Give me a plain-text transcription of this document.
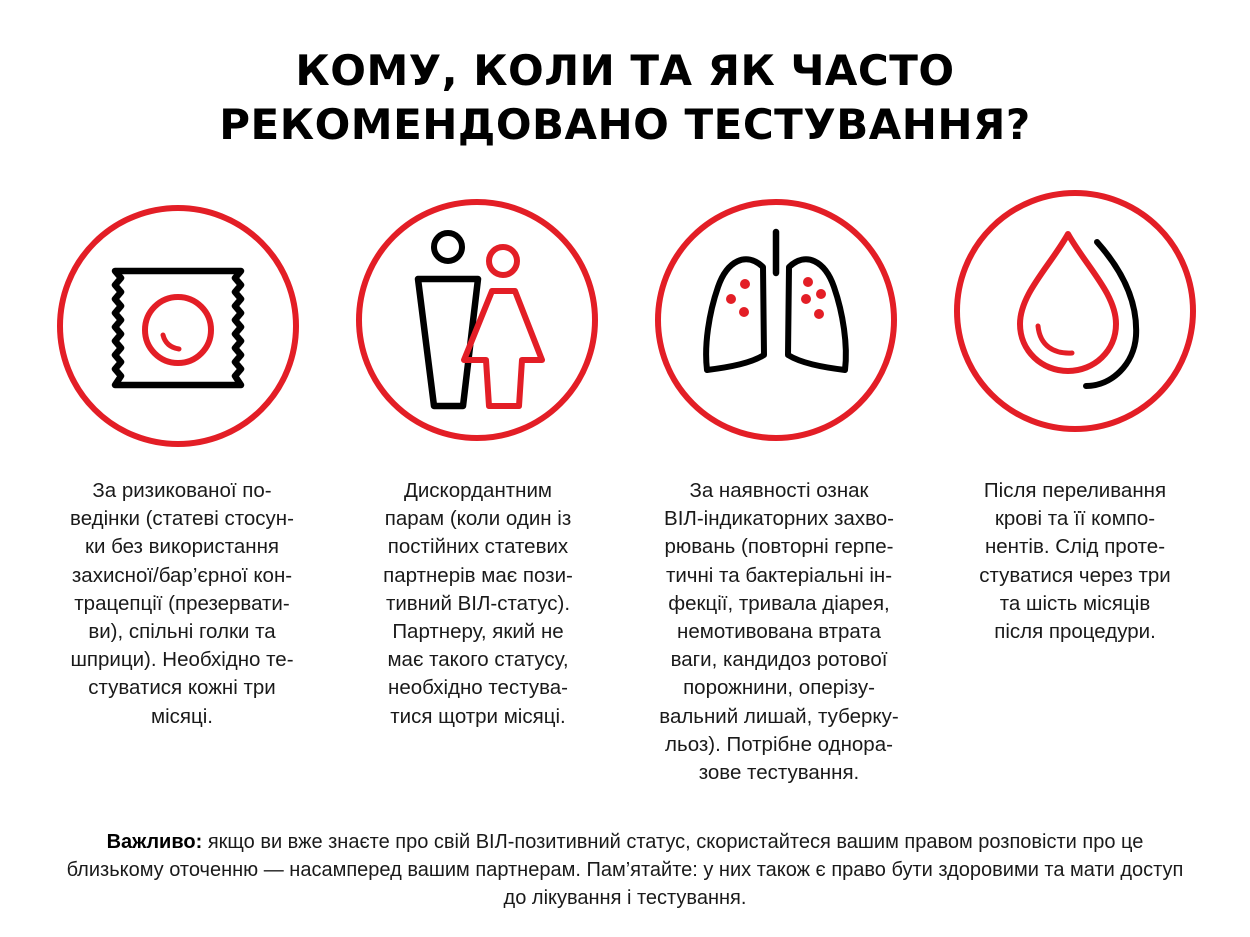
КОМУ, КОЛИ ТА ЯК ЧАСТО
РЕКОМЕНДОВАНО ТЕСТУВАННЯ?

За ризикованої по-
ведінки (статеві стосун-
ки без використання
захисної/бар’єрної кон-
трацепції (презервати-
ви), спільні голки та
шприци). Необхідно те-
стуватися кожні три
місяці.

Дискордантним
парам (коли один із
постійних статевих
партнерів має пози-
тивний ВІЛ-статус).
Партнеру, який не
має такого статусу,
необхідно тестува-
тися щотри місяці.

За наявності ознак
ВІЛ-індикаторних захво-
рювань (повторні герпе-
тичні та бактеріальні ін-
фекції, тривала діарея,
немотивована втрата
ваги, кандидоз ротової
порожнини, оперізу-
вальний лишай, туберку-
льоз). Потрібне однора-
зове тестування.

Після переливання
крові та її компо-
нентів. Слід проте-
стуватися через три
та шість місяців
після процедури.

Важливо: якщо ви вже знаєте про свій ВІЛ-позитивний статус, скористайтеся вашим правом розповісти про це близькому оточенню — насамперед вашим партнерам. Пам’ятайте: у них також є право бути здоровими та мати доступ до лікування і тестування.
